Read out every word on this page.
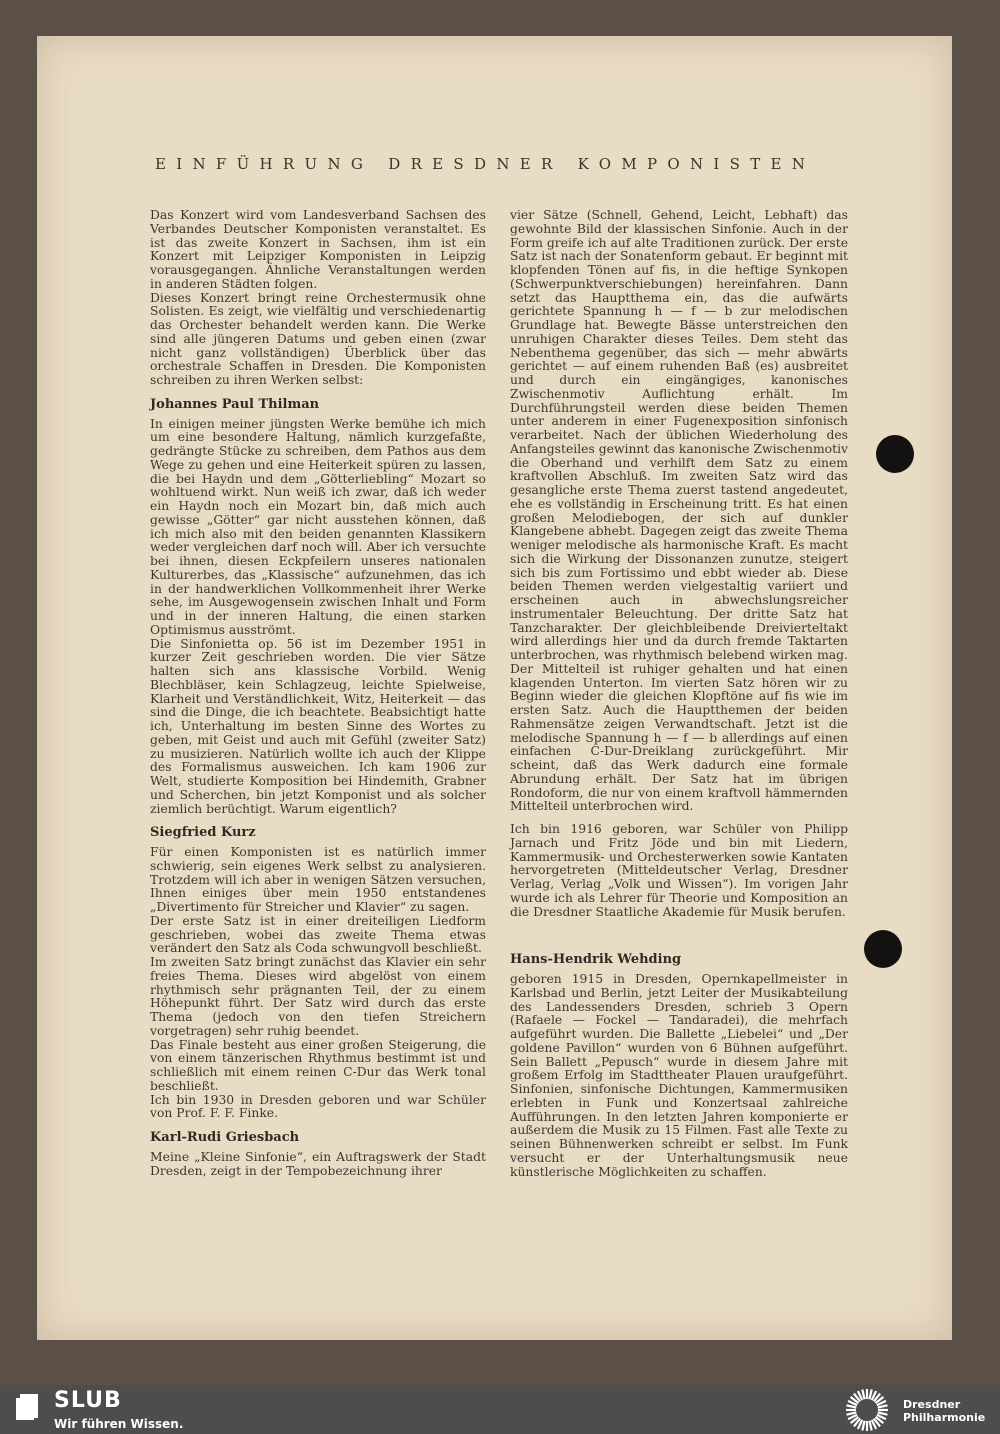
EINFÜHRUNG DRESDNER KOMPONISTEN

Das Konzert wird vom Landesverband Sachsen des Verbandes Deutscher Komponisten veranstaltet. Es ist das zweite Konzert in Sachsen, ihm ist ein Konzert mit Leipziger Komponisten in Leipzig vorausgegangen. Ähnliche Veranstaltungen werden in anderen Städten folgen.

Dieses Konzert bringt reine Orchestermusik ohne Solisten. Es zeigt, wie vielfältig und verschiedenartig das Orchester behandelt werden kann. Die Werke sind alle jüngeren Datums und geben einen (zwar nicht ganz vollständigen) Überblick über das orchestrale Schaffen in Dresden. Die Komponisten schreiben zu ihren Werken selbst:

Johannes Paul Thilman

In einigen meiner jüngsten Werke bemühe ich mich um eine besondere Haltung, nämlich kurzgefaßte, gedrängte Stücke zu schreiben, dem Pathos aus dem Wege zu gehen und eine Heiterkeit spüren zu lassen, die bei Haydn und dem „Götterliebling“ Mozart so wohltuend wirkt. Nun weiß ich zwar, daß ich weder ein Haydn noch ein Mozart bin, daß mich auch gewisse „Götter“ gar nicht ausstehen können, daß ich mich also mit den beiden genannten Klassikern weder vergleichen darf noch will. Aber ich versuchte bei ihnen, diesen Eckpfeilern unseres nationalen Kulturerbes, das „Klassische“ aufzunehmen, das ich in der handwerklichen Vollkommenheit ihrer Werke sehe, im Ausgewogensein zwischen Inhalt und Form und in der inneren Haltung, die einen starken Optimismus ausströmt.

Die Sinfonietta op. 56 ist im Dezember 1951 in kurzer Zeit geschrieben worden. Die vier Sätze halten sich ans klassische Vorbild. Wenig Blechbläser, kein Schlagzeug, leichte Spielweise, Klarheit und Verständlichkeit, Witz, Heiterkeit — das sind die Dinge, die ich beachtete. Beabsichtigt hatte ich, Unterhaltung im besten Sinne des Wortes zu geben, mit Geist und auch mit Gefühl (zweiter Satz) zu musizieren. Natürlich wollte ich auch der Klippe des Formalismus ausweichen. Ich kam 1906 zur Welt, studierte Komposition bei Hindemith, Grabner und Scherchen, bin jetzt Komponist und als solcher ziemlich berüchtigt. Warum eigentlich?

Siegfried Kurz

Für einen Komponisten ist es natürlich immer schwierig, sein eigenes Werk selbst zu analysieren. Trotzdem will ich aber in wenigen Sätzen versuchen, Ihnen einiges über mein 1950 entstandenes „Divertimento für Streicher und Klavier“ zu sagen.

Der erste Satz ist in einer dreiteiligen Liedform geschrieben, wobei das zweite Thema etwas verändert den Satz als Coda schwungvoll beschließt.

Im zweiten Satz bringt zunächst das Klavier ein sehr freies Thema. Dieses wird abgelöst von einem rhythmisch sehr prägnanten Teil, der zu einem Höhepunkt führt. Der Satz wird durch das erste Thema (jedoch von den tiefen Streichern vorgetragen) sehr ruhig beendet.

Das Finale besteht aus einer großen Steigerung, die von einem tänzerischen Rhythmus bestimmt ist und schließlich mit einem reinen C-Dur das Werk tonal beschließt.

Ich bin 1930 in Dresden geboren und war Schüler von Prof. F. F. Finke.

Karl-Rudi Griesbach

Meine „Kleine Sinfonie“, ein Auftragswerk der Stadt Dresden, zeigt in der Tempobezeichnung ihrer

vier Sätze (Schnell, Gehend, Leicht, Lebhaft) das gewohnte Bild der klassischen Sinfonie. Auch in der Form greife ich auf alte Traditionen zurück. Der erste Satz ist nach der Sonatenform gebaut. Er beginnt mit klopfenden Tönen auf fis, in die heftige Synkopen (Schwerpunktverschiebungen) hereinfahren. Dann setzt das Hauptthema ein, das die aufwärts gerichtete Spannung h — f — b zur melodischen Grundlage hat. Bewegte Bässe unterstreichen den unruhigen Charakter dieses Teiles. Dem steht das Nebenthema gegenüber, das sich — mehr abwärts gerichtet — auf einem ruhenden Baß (es) ausbreitet und durch ein eingängiges, kanonisches Zwischenmotiv Auflichtung erhält. Im Durchführungsteil werden diese beiden Themen unter anderem in einer Fugenexposition sinfonisch verarbeitet. Nach der üblichen Wiederholung des Anfangsteiles gewinnt das kanonische Zwischenmotiv die Oberhand und verhilft dem Satz zu einem kraftvollen Abschluß. Im zweiten Satz wird das gesangliche erste Thema zuerst tastend angedeutet, ehe es vollständig in Erscheinung tritt. Es hat einen großen Melodiebogen, der sich auf dunkler Klangebene abhebt. Dagegen zeigt das zweite Thema weniger melodische als harmonische Kraft. Es macht sich die Wirkung der Dissonanzen zunutze, steigert sich bis zum Fortissimo und ebbt wieder ab. Diese beiden Themen werden vielgestaltig variiert und erscheinen auch in abwechslungsreicher instrumentaler Beleuchtung. Der dritte Satz hat Tanzcharakter. Der gleichbleibende Dreivierteltakt wird allerdings hier und da durch fremde Taktarten unterbrochen, was rhythmisch belebend wirken mag. Der Mittelteil ist ruhiger gehalten und hat einen klagenden Unterton. Im vierten Satz hören wir zu Beginn wieder die gleichen Klopftöne auf fis wie im ersten Satz. Auch die Hauptthemen der beiden Rahmensätze zeigen Verwandtschaft. Jetzt ist die melodische Spannung h — f — b allerdings auf einen einfachen C-Dur-Dreiklang zurückgeführt. Mir scheint, daß das Werk dadurch eine formale Abrundung erhält. Der Satz hat im übrigen Rondoform, die nur von einem kraftvoll hämmernden Mittelteil unterbrochen wird.

Ich bin 1916 geboren, war Schüler von Philipp Jarnach und Fritz Jöde und bin mit Liedern, Kammermusik- und Orchesterwerken sowie Kantaten hervorgetreten (Mitteldeutscher Verlag, Dresdner Verlag, Verlag „Volk und Wissen“). Im vorigen Jahr wurde ich als Lehrer für Theorie und Komposition an die Dresdner Staatliche Akademie für Musik berufen.

Hans-Hendrik Wehding

geboren 1915 in Dresden, Opernkapellmeister in Karlsbad und Berlin, jetzt Leiter der Musikabteilung des Landessenders Dresden, schrieb 3 Opern (Rafaele — Fockel — Tandaradei), die mehrfach aufgeführt wurden. Die Ballette „Liebelei“ und „Der goldene Pavillon“ wurden von 6 Bühnen aufgeführt. Sein Ballett „Pepusch“ wurde in diesem Jahre mit großem Erfolg im Stadttheater Plauen uraufgeführt. Sinfonien, sinfonische Dichtungen, Kammermusiken erlebten in Funk und Konzertsaal zahlreiche Aufführungen. In den letzten Jahren komponierte er außerdem die Musik zu 15 Filmen. Fast alle Texte zu seinen Bühnenwerken schreibt er selbst. Im Funk versucht er der Unterhaltungsmusik neue künstlerische Möglichkeiten zu schaffen.

SLUB
Wir führen Wissen.
Dresdner
Philharmonie
